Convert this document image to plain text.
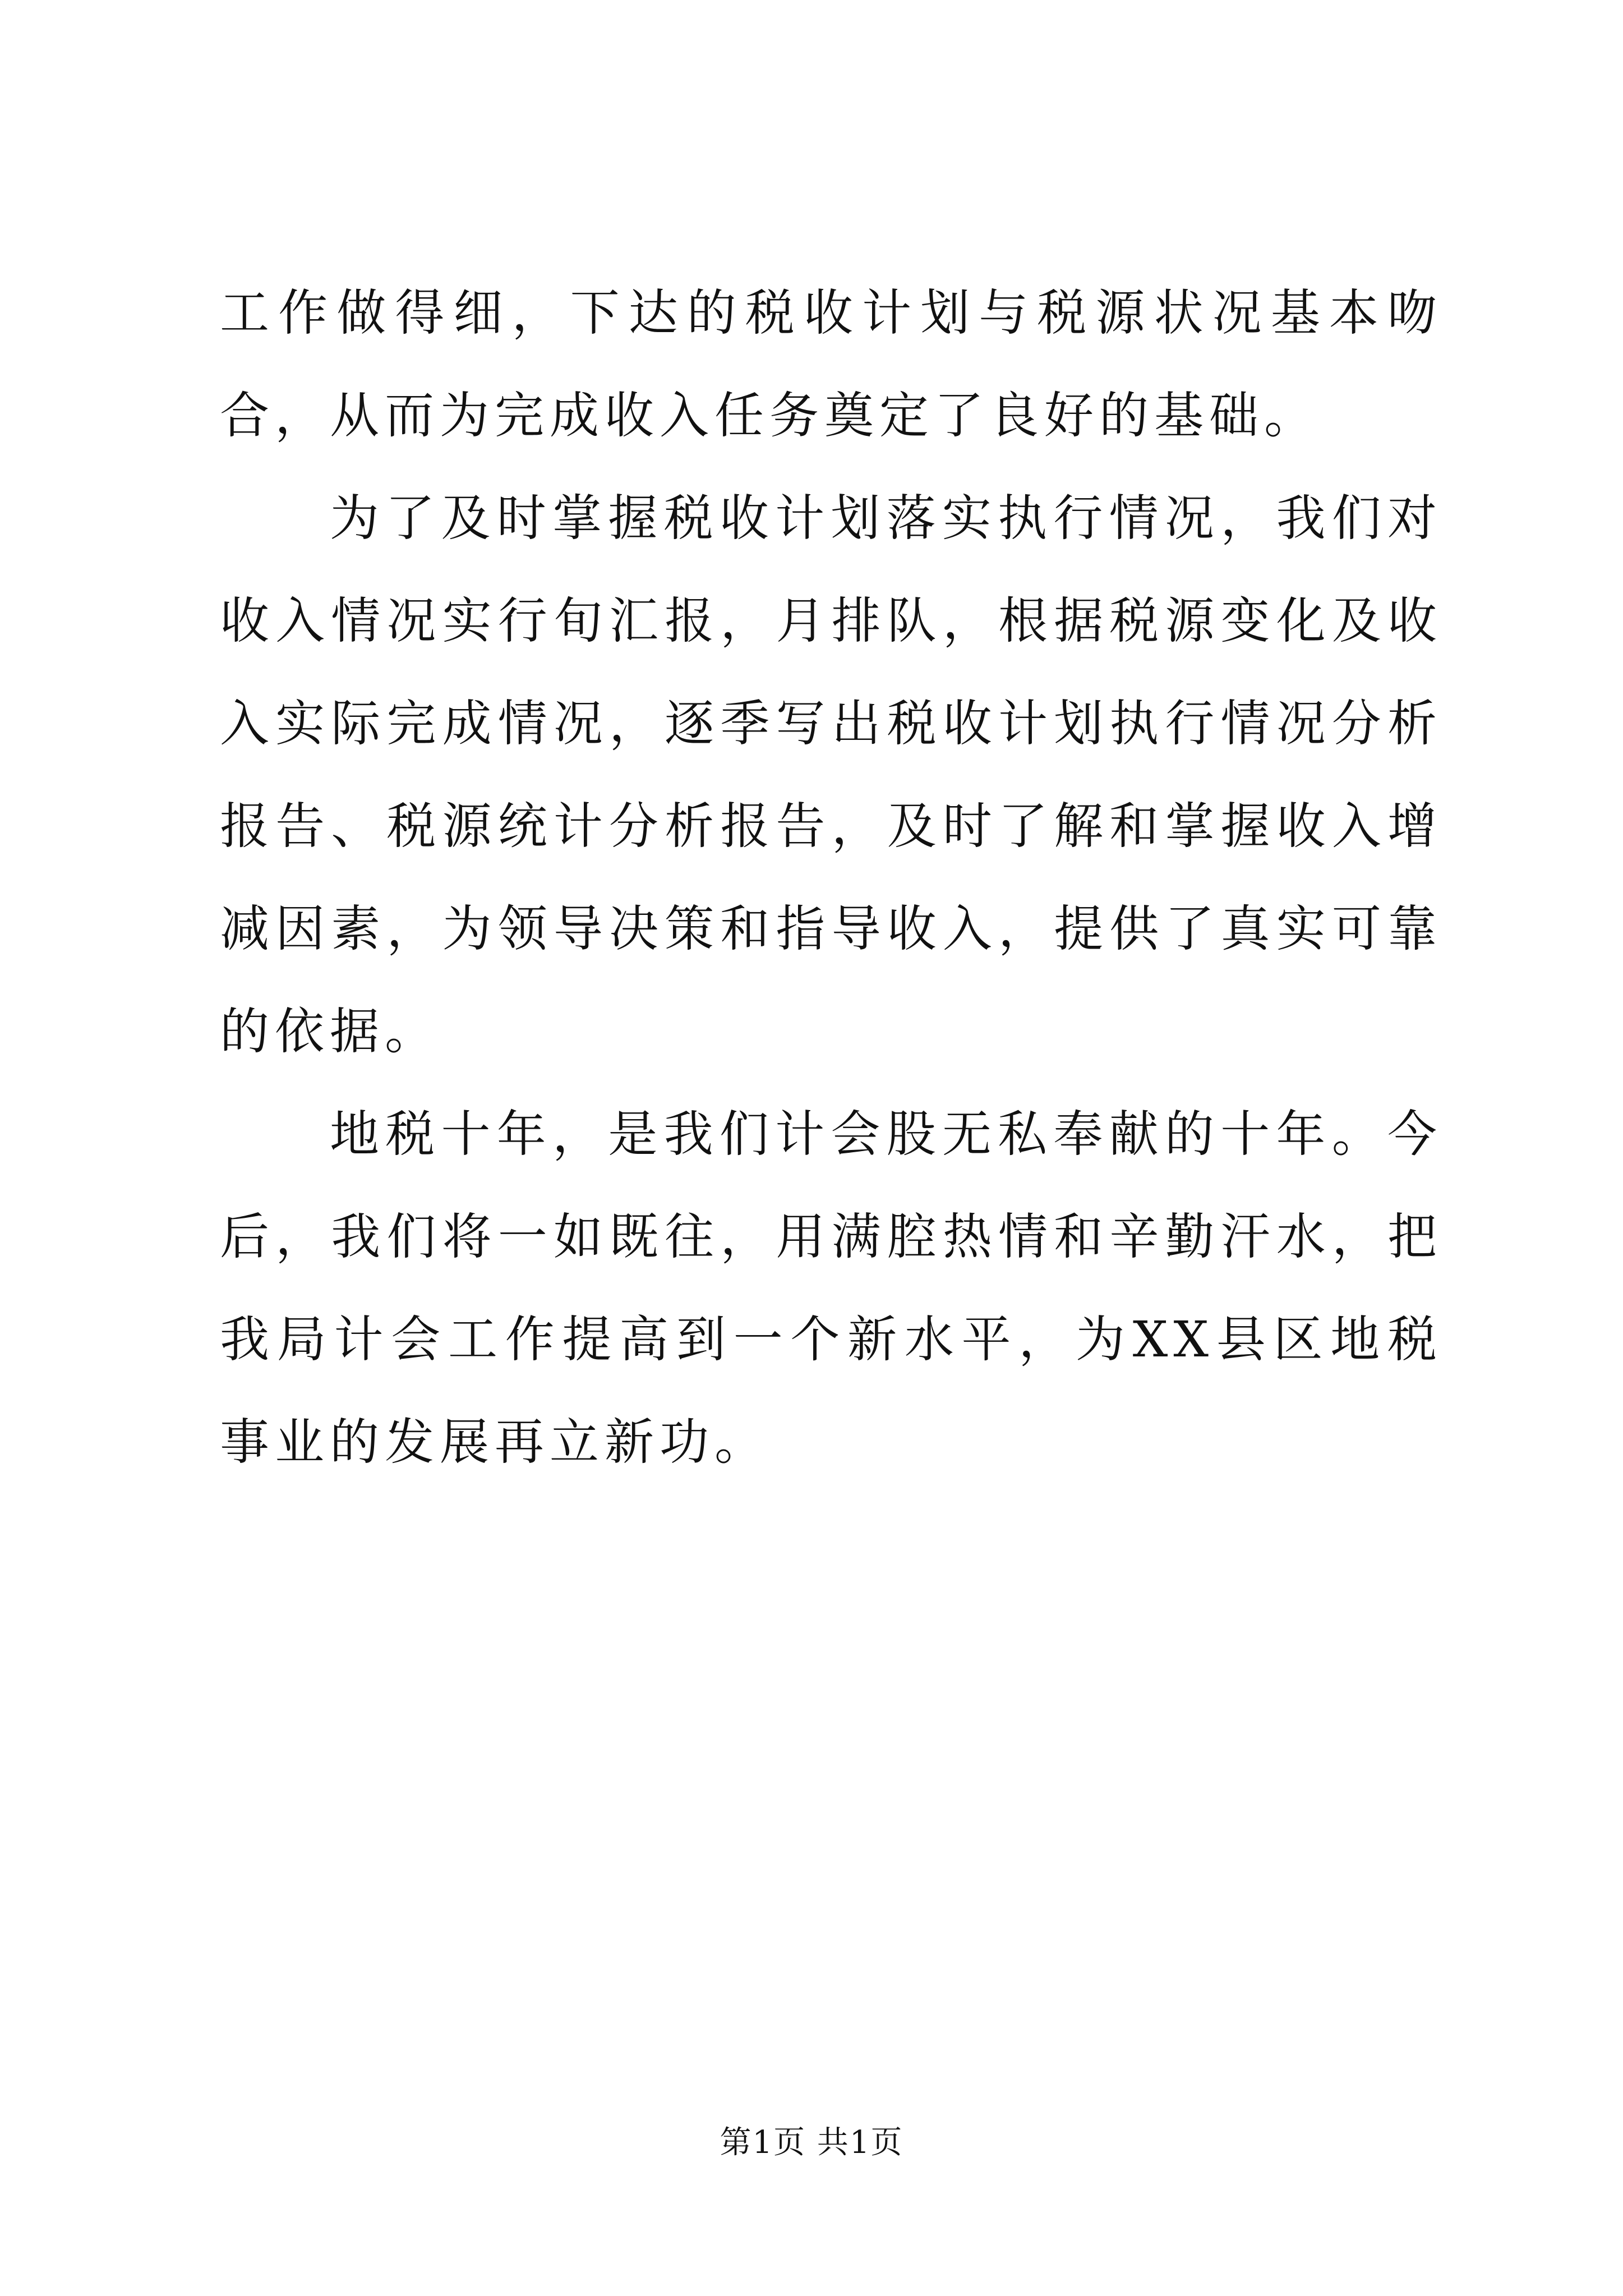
工作做得细，下达的税收计划与税源状况基本吻合，从而为完成收入任务奠定了良好的基础。

为了及时掌握税收计划落实执行情况，我们对收入情况实行旬汇报，月排队，根据税源变化及收入实际完成情况，逐季写出税收计划执行情况分析报告、税源统计分析报告，及时了解和掌握收入增减因素，为领导决策和指导收入，提供了真实可靠的依据。

地税十年，是我们计会股无私奉献的十年。今后，我们将一如既往，用满腔热情和辛勤汗水，把我局计会工作提高到一个新水平，为XX县区地税事业的发展再立新功。

第1页 共1页
